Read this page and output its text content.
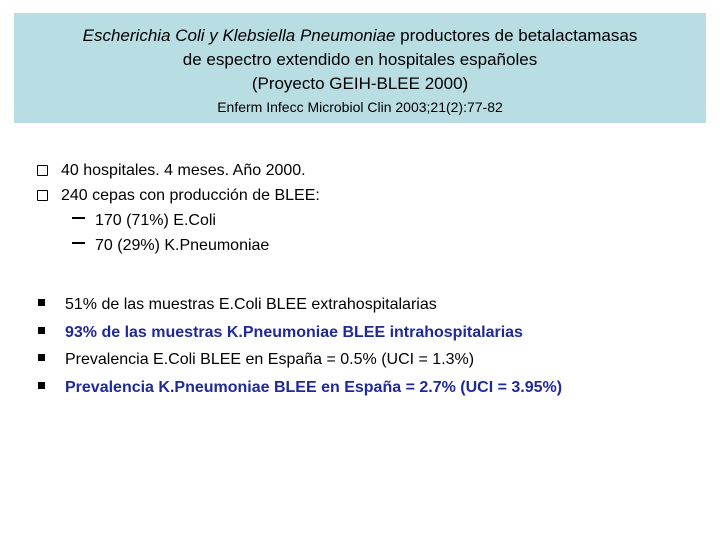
Escherichia Coli y Klebsiella Pneumoniae productores de betalactamasas
de espectro extendido en hospitales españoles
(Proyecto GEIH-BLEE 2000)
Enferm Infecc Microbiol Clin 2003;21(2):77-82
40 hospitales. 4 meses. Año 2000.
240 cepas con producción de BLEE:
170 (71%) E.Coli
70 (29%) K.Pneumoniae
51% de las muestras E.Coli BLEE extrahospitalarias
93% de las muestras K.Pneumoniae BLEE intrahospitalarias
Prevalencia E.Coli BLEE en España = 0.5% (UCI = 1.3%)
Prevalencia K.Pneumoniae BLEE en España = 2.7% (UCI = 3.95%)
